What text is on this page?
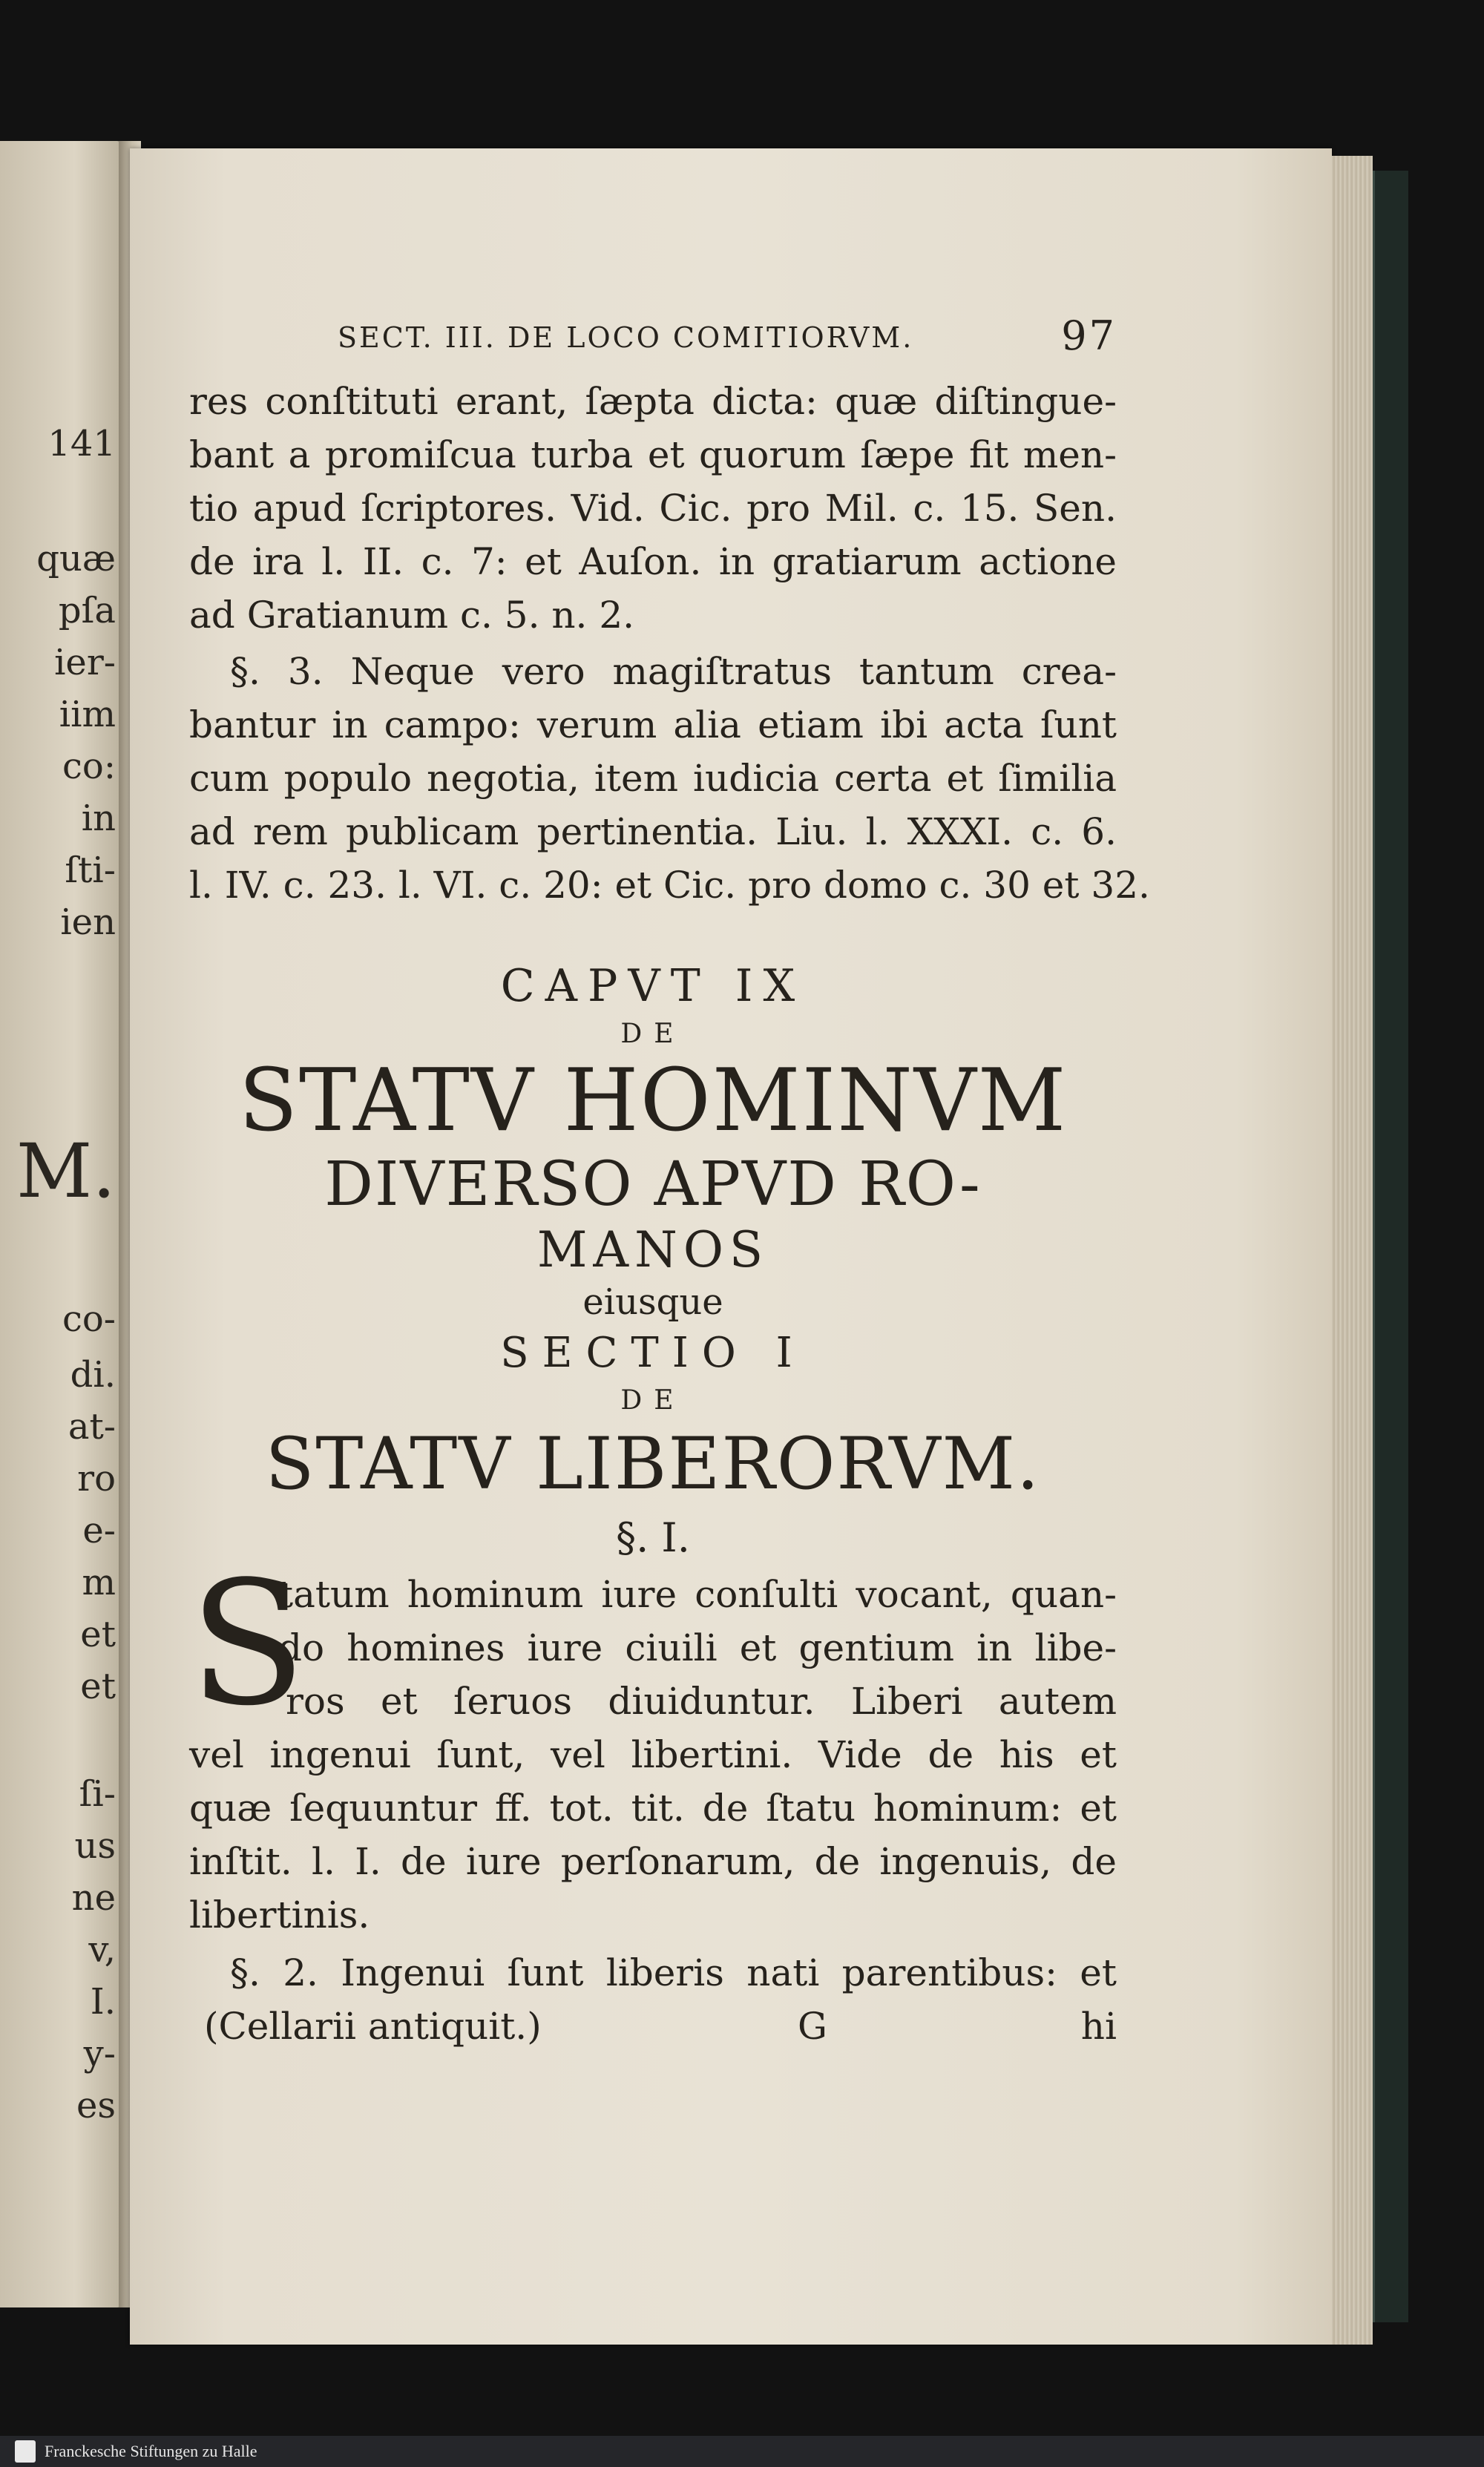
141
quæ
pſa
ier-
iim
co:
in
ſti-
ien
M.
co-
di.
at-
ro
e-
m
et
et
ſi-
us
ne
v,
I.
y-
es
SECT. III. DE LOCO COMITIORVM.	97
res conſtituti erant, ſæpta dicta: quæ diſtingue-
bant a promiſcua turba et quorum ſæpe fit men-
tio apud ſcriptores. Vid. Cic. pro Mil. c. 15. Sen.
de ira l. II. c. 7: et Auſon. in gratiarum actione
ad Gratianum c. 5. n. 2.
§. 3. Neque vero magiſtratus tantum crea-
bantur in campo: verum alia etiam ibi acta ſunt
cum populo negotia, item iudicia certa et ſimilia
ad rem publicam pertinentia. Liu. l. XXXI. c. 6.
l. IV. c. 23. l. VI. c. 20: et Cic. pro domo c. 30 et 32.
CAPVT IX
DE
STATV HOMINVM
DIVERSO APVD RO-
MANOS
eiusque
SECTIO I
DE
STATV LIBERORVM.
§. I.
S
tatum hominum iure conſulti vocant, quan-
do homines iure ciuili et gentium in libe-
ros et ſeruos diuiduntur. Liberi autem
vel ingenui ſunt, vel libertini. Vide de his et
quæ ſequuntur ff. tot. tit. de ſtatu hominum: et
inſtit. l. I. de iure perſonarum, de ingenuis, de
libertinis.
§. 2. Ingenui ſunt liberis nati parentibus: et
(Cellarii antiquit.)	G	hi
Franckesche Stiftungen zu Halle
